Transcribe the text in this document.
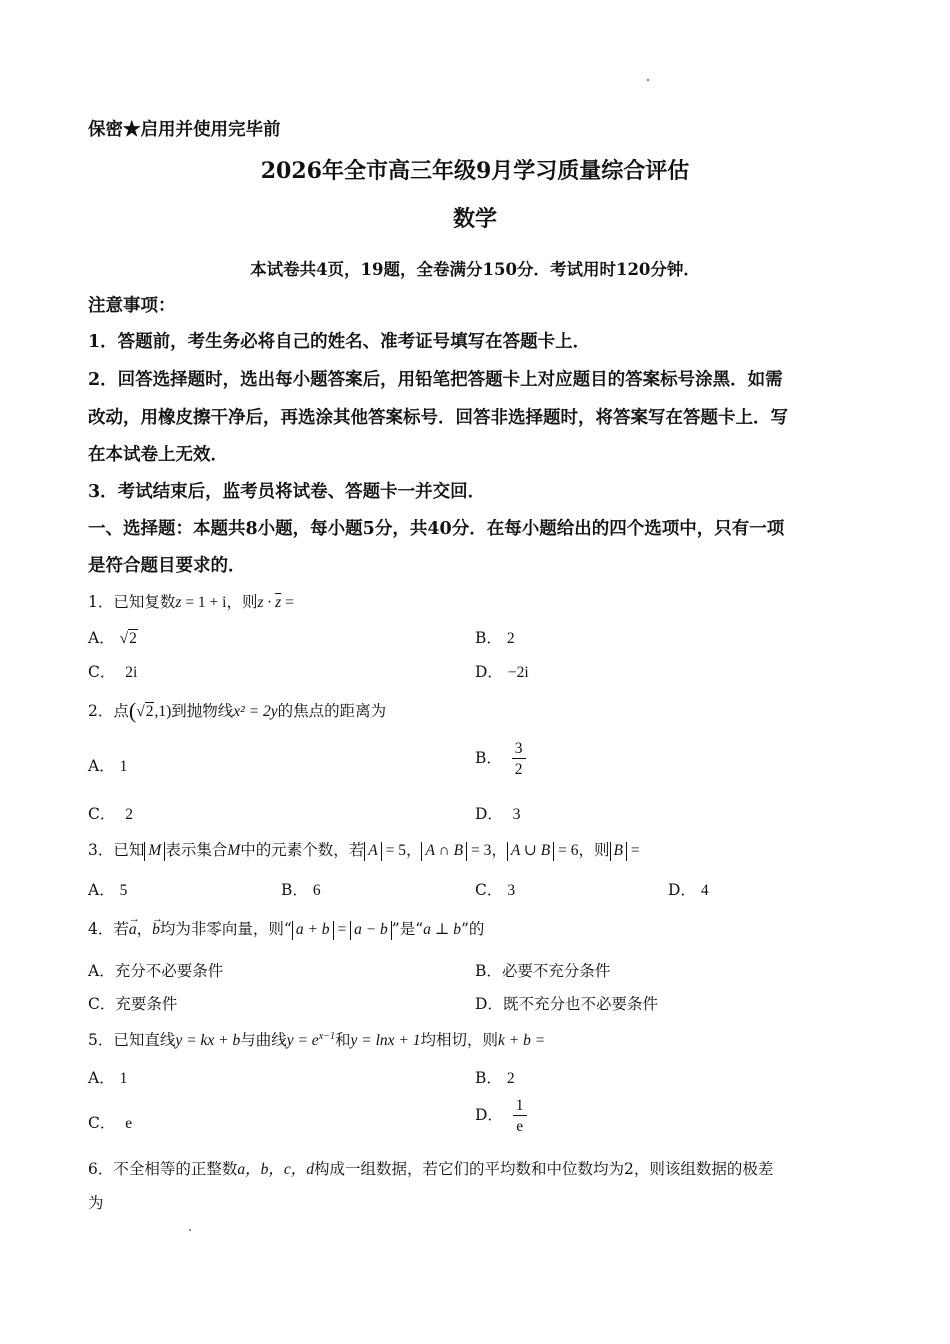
保密★启用并使用完毕前
2026年全市高三年级9月学习质量综合评估
数学
本试卷共4页，19题，全卷满分150分．考试用时120分钟．
注意事项：
1．答题前，考生务必将自己的姓名、准考证号填写在答题卡上．
2．回答选择题时，选出每小题答案后，用铅笔把答题卡上对应题目的答案标号涂黑．如需
改动，用橡皮擦干净后，再选涂其他答案标号．回答非选择题时，将答案写在答题卡上．写
在本试卷上无效．
3．考试结束后，监考员将试卷、答题卡一并交回．
一、选择题：本题共8小题，每小题5分，共40分．在每小题给出的四个选项中，只有一项
是符合题目要求的．
1．已知复数z = 1 + i，则$z \cdot \overline{z}$ =
A． √2	B． 2
C． 2i	D． −2i
2．点(√2,1)到抛物线x² = 2y的焦点的距离为
A． 1	B． $\frac{3}{2}$
C． 2	D． 3
3．已知 M 表示集合M中的元素个数，若 A = 5， A ∩ B = 3， A ∪ B = 6，则 B =
A． 5	B． 6	C． 3	D． 4
4．若→ a，→ b均为非零向量，则“ a + b = a − b ”是“a ⊥ b”的
A．充分不必要条件	B．必要不充分条件
C．充要条件	D．既不充分也不必要条件
5．已知直线y = kx + b与曲线$y = e^{x-1}$和y = lnx + 1均相切，则k + b =
A． 1	B． 2
C． e	D． $\frac{1}{e}$
6．不全相等的正整数a，b，c，d构成一组数据，若它们的平均数和中位数均为2，则该组数据的极差
为
